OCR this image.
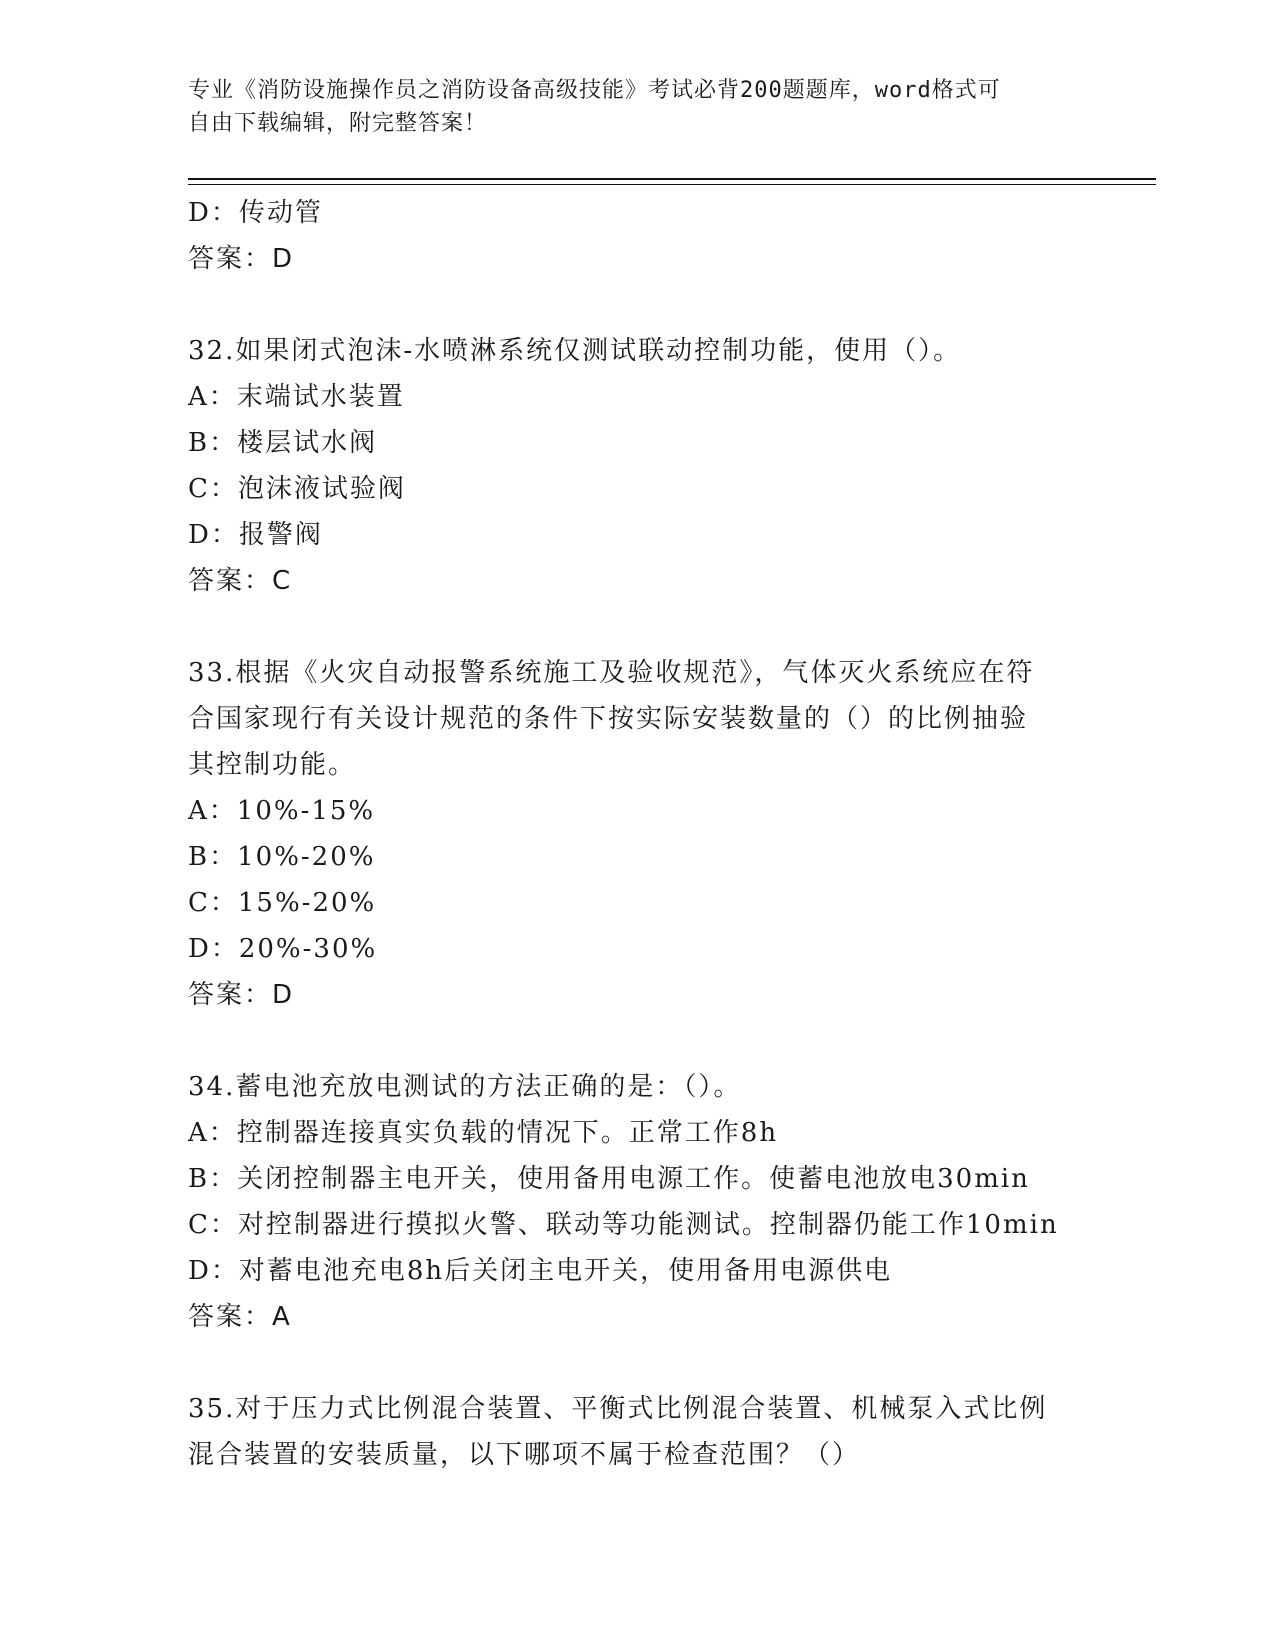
专业《消防设施操作员之消防设备高级技能》考试必背200题题库，word格式可
自由下载编辑，附完整答案！
D：传动管
答案：D
32.如果闭式泡沫-水喷淋系统仅测试联动控制功能，使用（）。
A：末端试水装置
B：楼层试水阀
C：泡沫液试验阀
D：报警阀
答案：C
33.根据《火灾自动报警系统施工及验收规范》，气体灭火系统应在符
合国家现行有关设计规范的条件下按实际安装数量的（）的比例抽验
其控制功能。
A：10%-15%
B：10%-20%
C：15%-20%
D：20%-30%
答案：D
34.蓄电池充放电测试的方法正确的是：（）。
A：控制器连接真实负载的情况下。正常工作8h
B：关闭控制器主电开关，使用备用电源工作。使蓄电池放电30min
C：对控制器进行摸拟火警、联动等功能测试。控制器仍能工作10min
D：对蓄电池充电8h后关闭主电开关，使用备用电源供电
答案：A
35.对于压力式比例混合装置、平衡式比例混合装置、机械泵入式比例
混合装置的安装质量，以下哪项不属于检查范围？（）
